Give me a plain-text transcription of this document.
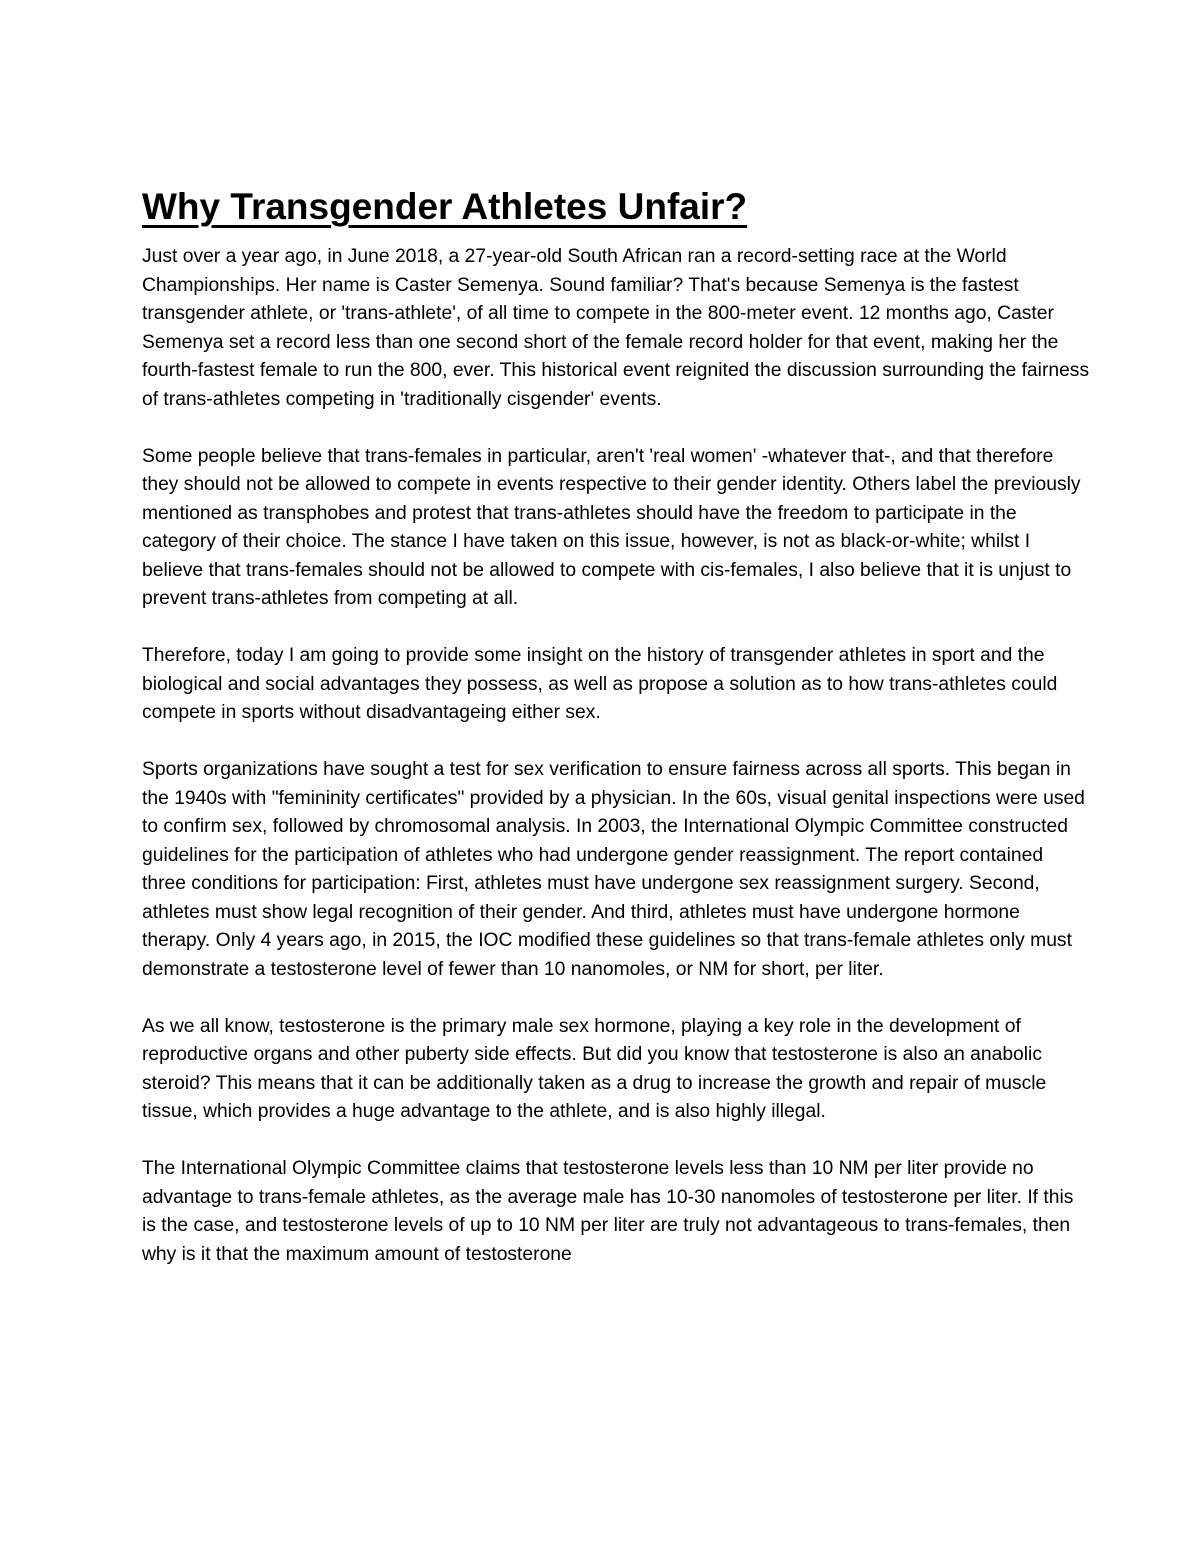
Why Transgender Athletes Unfair?

Just over a year ago, in June 2018, a 27-year-old South African ran a record-setting race at the World Championships. Her name is Caster Semenya. Sound familiar? That's because Semenya is the fastest transgender athlete, or 'trans-athlete', of all time to compete in the 800-meter event. 12 months ago, Caster Semenya set a record less than one second short of the female record holder for that event, making her the fourth-fastest female to run the 800, ever. This historical event reignited the discussion surrounding the fairness of trans-athletes competing in 'traditionally cisgender' events.

Some people believe that trans-females in particular, aren't 'real women' -whatever that-, and that therefore they should not be allowed to compete in events respective to their gender identity. Others label the previously mentioned as transphobes and protest that trans-athletes should have the freedom to participate in the category of their choice. The stance I have taken on this issue, however, is not as black-or-white; whilst I believe that trans-females should not be allowed to compete with cis-females, I also believe that it is unjust to prevent trans-athletes from competing at all.

Therefore, today I am going to provide some insight on the history of transgender athletes in sport and the biological and social advantages they possess, as well as propose a solution as to how trans-athletes could compete in sports without disadvantageing either sex.

Sports organizations have sought a test for sex verification to ensure fairness across all sports. This began in the 1940s with "femininity certificates" provided by a physician. In the 60s, visual genital inspections were used to confirm sex, followed by chromosomal analysis. In 2003, the International Olympic Committee constructed guidelines for the participation of athletes who had undergone gender reassignment. The report contained three conditions for participation: First, athletes must have undergone sex reassignment surgery. Second, athletes must show legal recognition of their gender. And third, athletes must have undergone hormone therapy. Only 4 years ago, in 2015, the IOC modified these guidelines so that trans-female athletes only must demonstrate a testosterone level of fewer than 10 nanomoles, or NM for short, per liter.

As we all know, testosterone is the primary male sex hormone, playing a key role in the development of reproductive organs and other puberty side effects. But did you know that testosterone is also an anabolic steroid? This means that it can be additionally taken as a drug to increase the growth and repair of muscle tissue, which provides a huge advantage to the athlete, and is also highly illegal.

The International Olympic Committee claims that testosterone levels less than 10 NM per liter provide no advantage to trans-female athletes, as the average male has 10-30 nanomoles of testosterone per liter. If this is the case, and testosterone levels of up to 10 NM per liter are truly not advantageous to trans-females, then why is it that the maximum amount of testosterone
